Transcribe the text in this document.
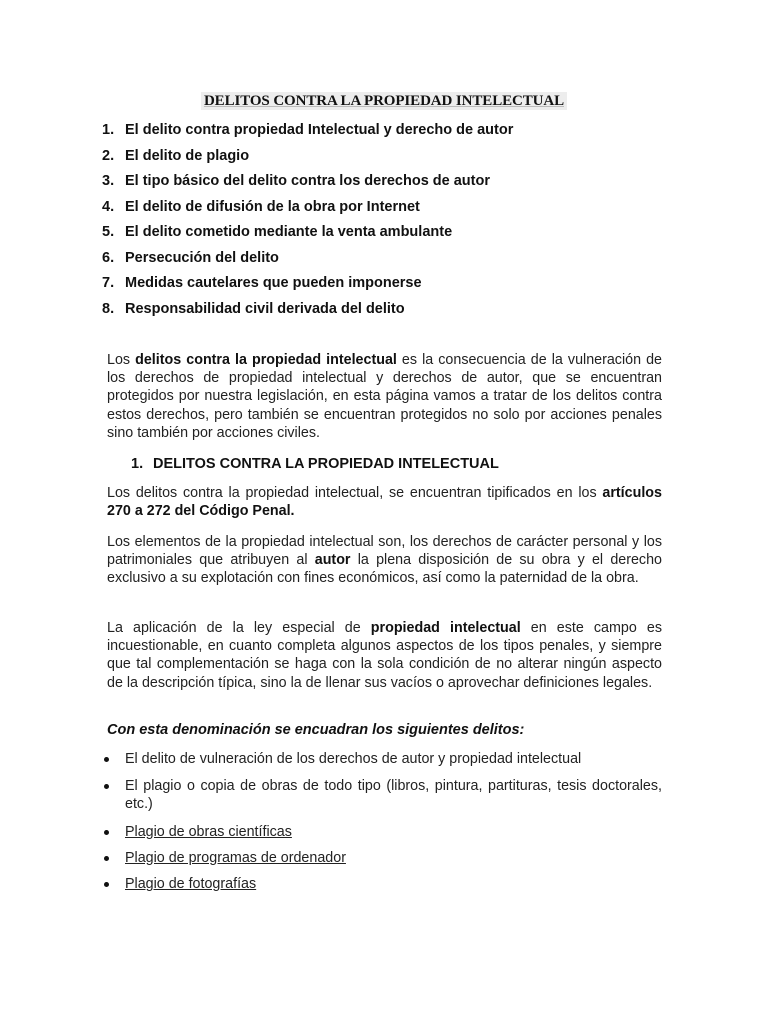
DELITOS CONTRA LA PROPIEDAD INTELECTUAL
1. El delito contra propiedad Intelectual y derecho de autor
2. El delito de plagio
3. El tipo básico del delito contra los derechos de autor
4. El delito de difusión de la obra por Internet
5. El delito cometido mediante la venta ambulante
6. Persecución del delito
7. Medidas cautelares que pueden imponerse
8. Responsabilidad civil derivada del delito

Los delitos contra la propiedad intelectual es la consecuencia de la vulneración de los derechos de propiedad intelectual y derechos de autor, que se encuentran protegidos por nuestra legislación, en esta página vamos a tratar de los delitos contra estos derechos, pero también se encuentran protegidos no solo por acciones penales sino también por acciones civiles.

1. DELITOS CONTRA LA PROPIEDAD INTELECTUAL

Los delitos contra la propiedad intelectual, se encuentran tipificados en los artículos 270 a 272 del Código Penal.

Los elementos de la propiedad intelectual son, los derechos de carácter personal y los patrimoniales que atribuyen al autor la plena disposición de su obra y el derecho exclusivo a su explotación con fines económicos, así como la paternidad de la obra.

La aplicación de la ley especial de propiedad intelectual en este campo es incuestionable, en cuanto completa algunos aspectos de los tipos penales, y siempre que tal complementación se haga con la sola condición de no alterar ningún aspecto de la descripción típica, sino la de llenar sus vacíos o aprovechar definiciones legales.

Con esta denominación se encuadran los siguientes delitos:
El delito de vulneración de los derechos de autor y propiedad intelectual
El plagio o copia de obras de todo tipo (libros, pintura, partituras, tesis doctorales, etc.)
Plagio de obras científicas
Plagio de programas de ordenador
Plagio de fotografías
